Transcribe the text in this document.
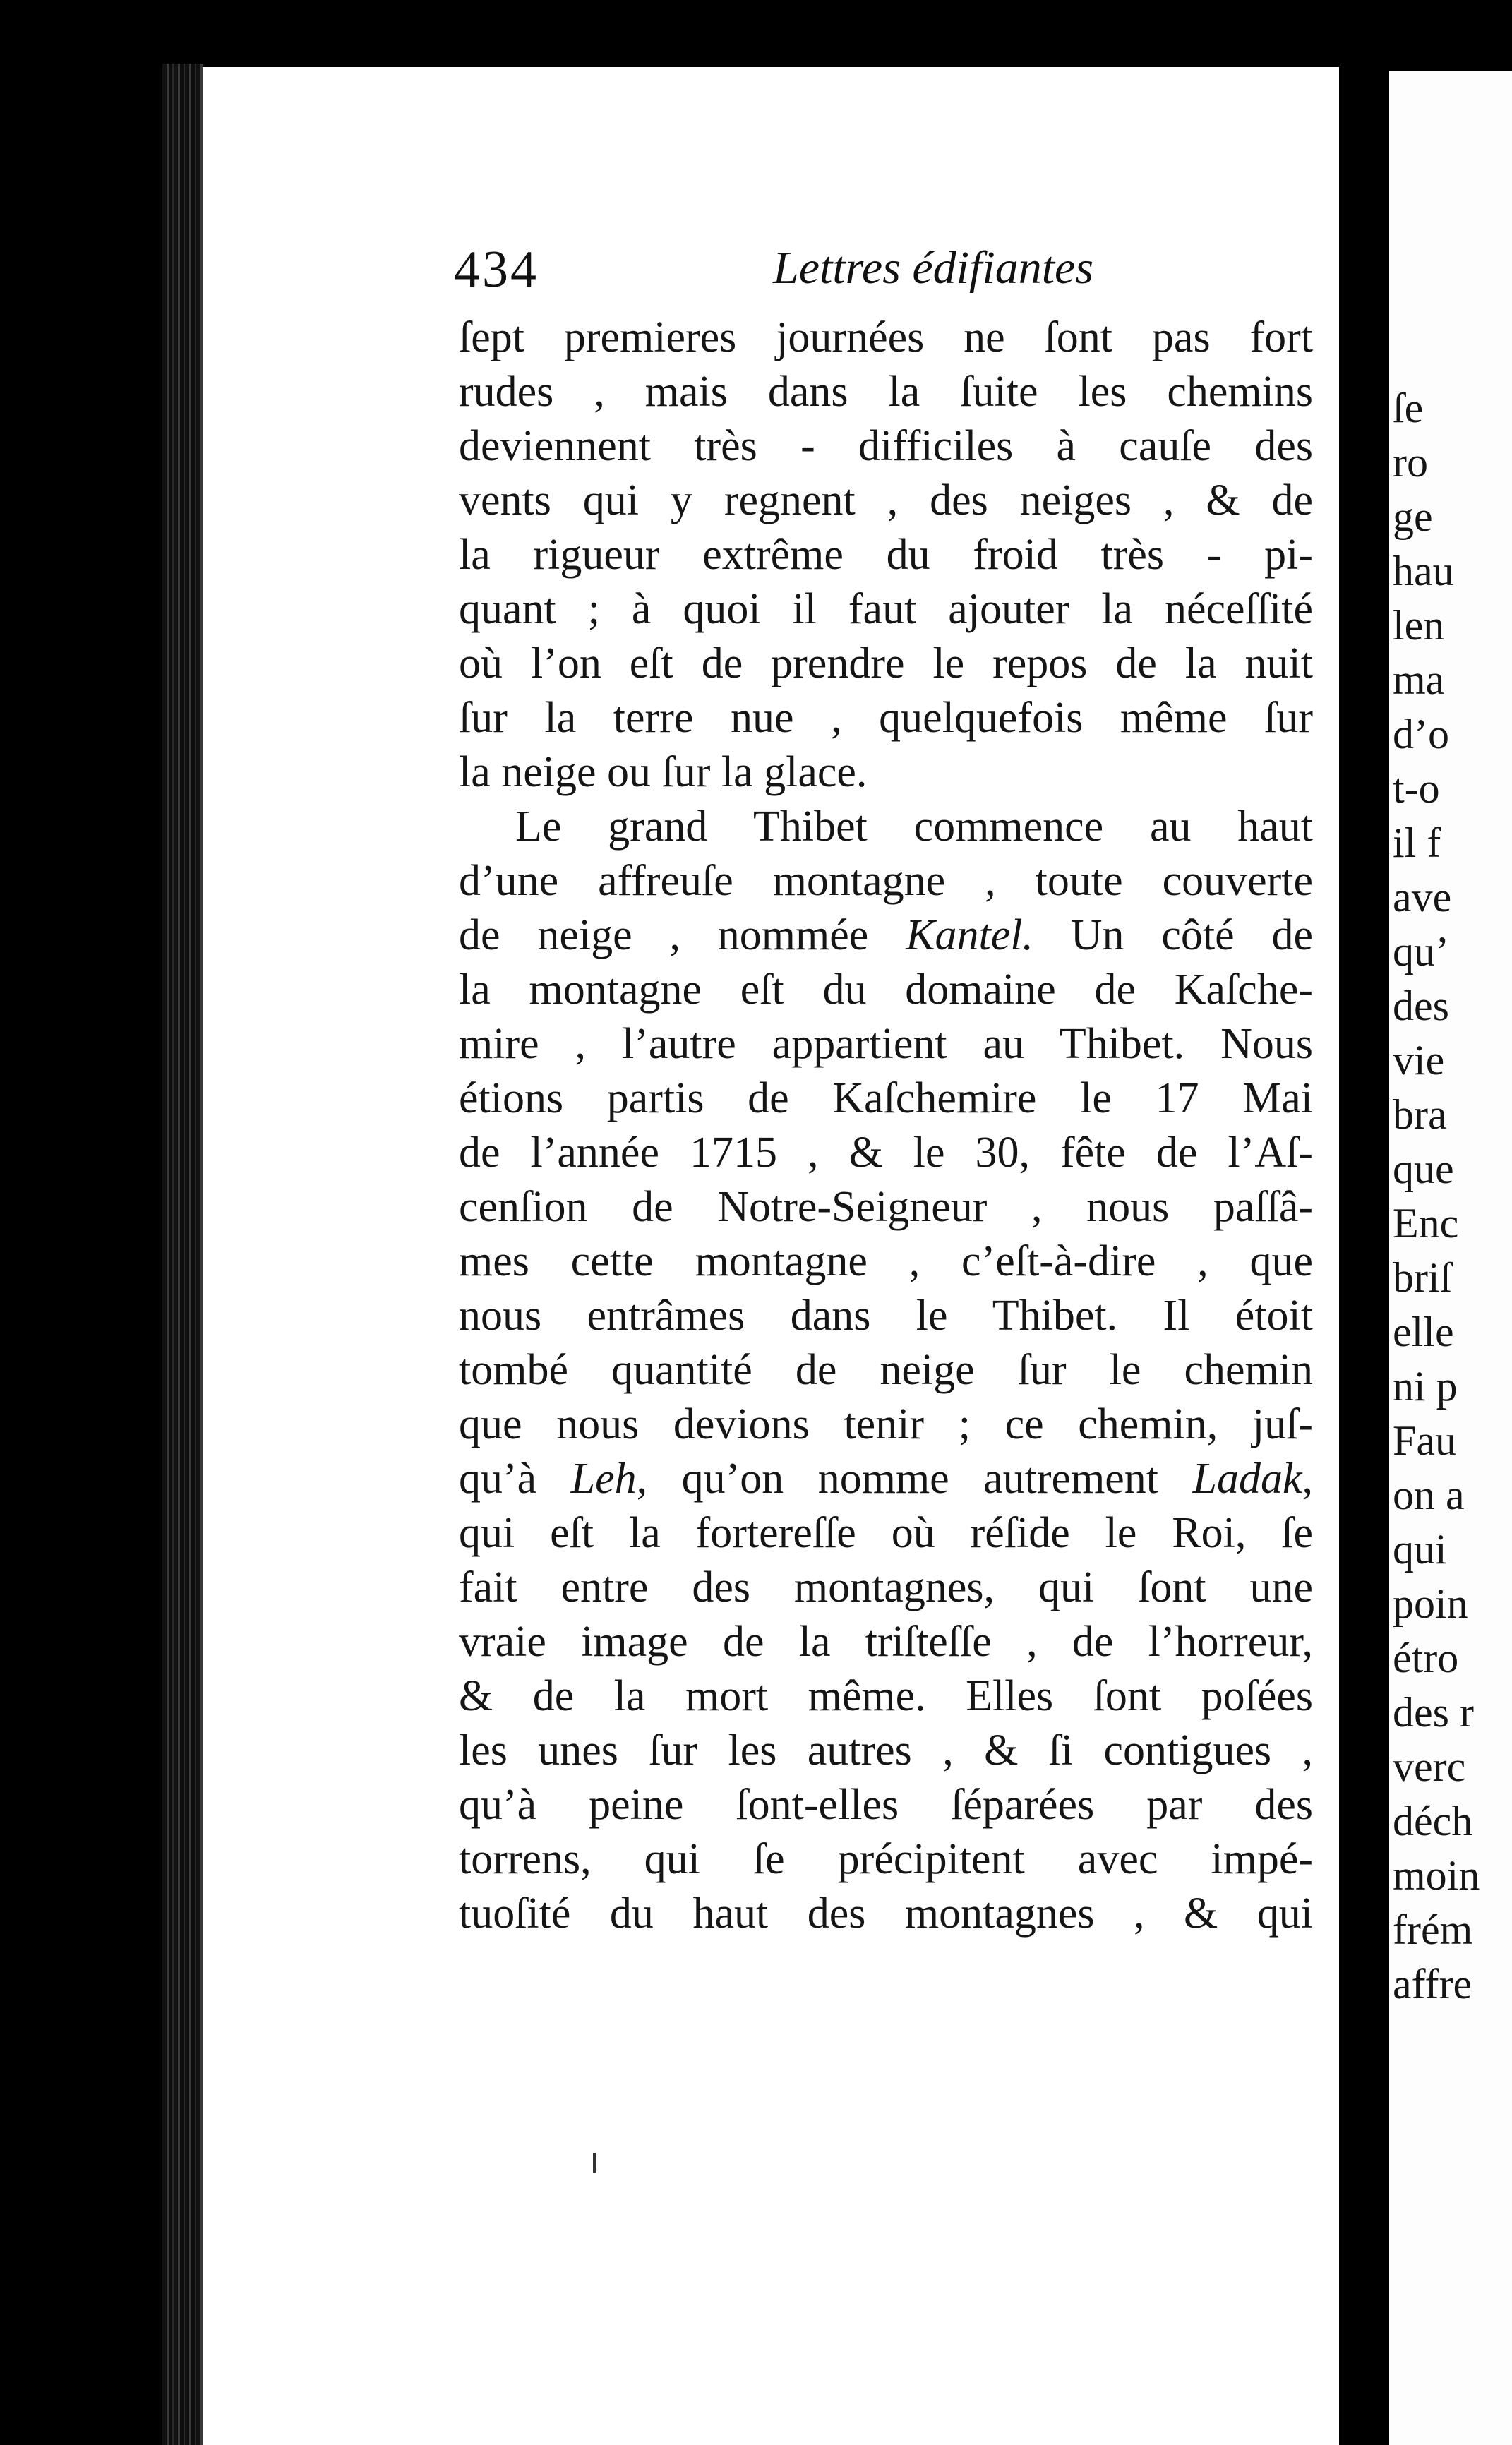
ſe
ro
ge
hau
len
ma
d’o
t-o
il f
ave
qu’
des
vie
bra
que
Enc
briſ
elle
ni p
Fau
on a
qui
poin
étro
des r
verc
déch
moin
frém
affre
434	Lettres édifiantes
ſept premieres journées ne ſont pas fort
rudes , mais dans la ſuite les chemins
deviennent très - difficiles à cauſe des
vents qui y regnent , des neiges , & de
la rigueur extrême du froid très - pi-
quant ; à quoi il faut ajouter la néceſſité
où l’on eſt de prendre le repos de la nuit
ſur la terre nue , quelquefois même ſur
la neige ou ſur la glace.
Le grand Thibet commence au haut
d’une affreuſe montagne , toute couverte
de neige , nommée Kantel. Un côté de
la montagne eſt du domaine de Kaſche-
mire , l’autre appartient au Thibet. Nous
étions partis de Kaſchemire le 17 Mai
de l’année 1715 , & le 30, fête de l’Aſ-
cenſion de Notre-Seigneur , nous paſſâ-
mes cette montagne , c’eſt-à-dire , que
nous entrâmes dans le Thibet. Il étoit
tombé quantité de neige ſur le chemin
que nous devions tenir ; ce chemin, juſ-
qu’à Leh, qu’on nomme autrement Ladak,
qui eſt la fortereſſe où réſide le Roi, ſe
fait entre des montagnes, qui ſont une
vraie image de la triſteſſe , de l’horreur,
& de la mort même. Elles ſont poſées
les unes ſur les autres , & ſi contigues ,
qu’à peine ſont-elles ſéparées par des
torrens, qui ſe précipitent avec impé-
tuoſité du haut des montagnes , & qui
